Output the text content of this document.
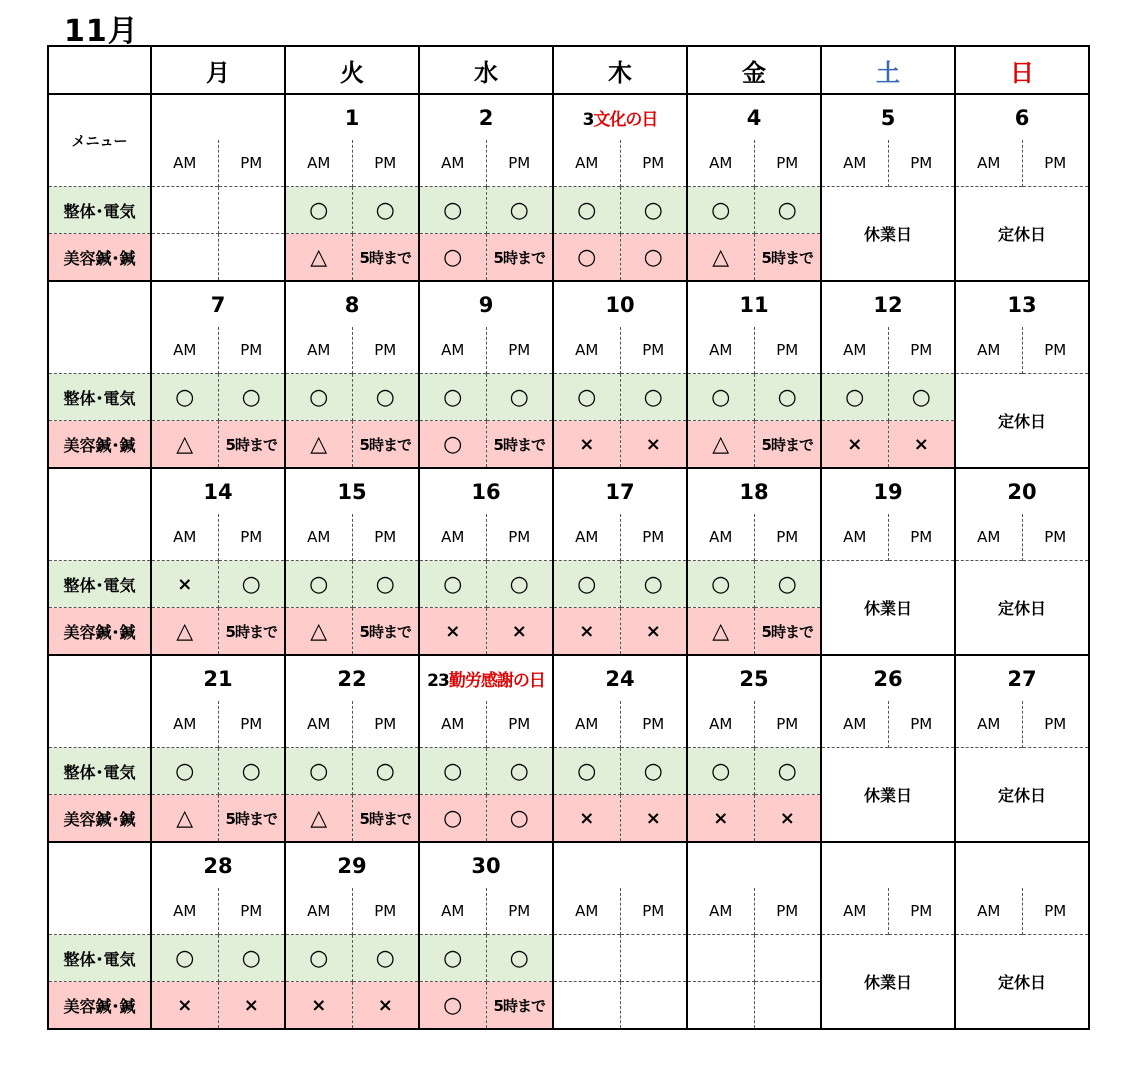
11月
	月		火		水		木		金		土		日	
メニュー			1		2		3文化の日		4		5		6	
	AM	PM	AM	PM	AM	PM	AM	PM	AM	PM	AM	PM	AM	PM
整体･電気			○	○	○	○	○	○	○	○	休業日		定休日	
美容鍼･鍼			△	5時まで	○	5時まで	○	○	△	5時まで				
	7		8		9		10		11		12		13	
	AM	PM	AM	PM	AM	PM	AM	PM	AM	PM	AM	PM	AM	PM
整体･電気	○	○	○	○	○	○	○	○	○	○	○	○	定休日	
美容鍼･鍼	△	5時まで	△	5時まで	○	5時まで	×	×	△	5時まで	×	×		
	14		15		16		17		18		19		20	
	AM	PM	AM	PM	AM	PM	AM	PM	AM	PM	AM	PM	AM	PM
整体･電気	×	○	○	○	○	○	○	○	○	○	休業日		定休日	
美容鍼･鍼	△	5時まで	△	5時まで	×	×	×	×	△	5時まで				
	21		22		23勤労感謝の日		24		25		26		27	
	AM	PM	AM	PM	AM	PM	AM	PM	AM	PM	AM	PM	AM	PM
整体･電気	○	○	○	○	○	○	○	○	○	○	休業日		定休日	
美容鍼･鍼	△	5時まで	△	5時まで	○	○	×	×	×	×				
	28		29		30									
	AM	PM	AM	PM	AM	PM	AM	PM	AM	PM	AM	PM	AM	PM
整体･電気	○	○	○	○	○	○					休業日		定休日	
美容鍼･鍼	×	×	×	×	○	5時まで								
